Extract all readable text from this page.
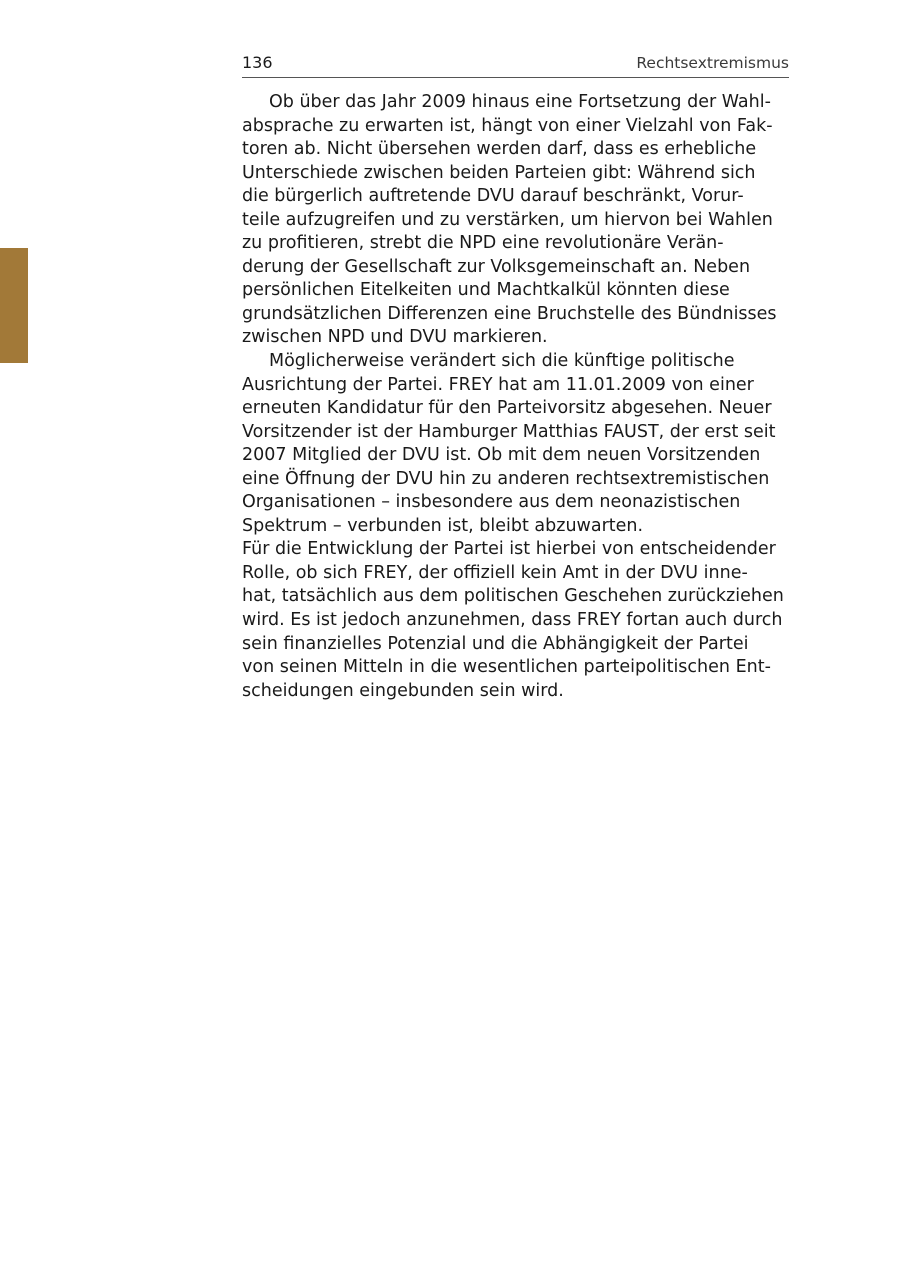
136	Rechtsextremismus
Ob über das Jahr 2009 hinaus eine Fortsetzung der Wahl-
absprache zu erwarten ist, hängt von einer Vielzahl von Fak-
toren ab. Nicht übersehen werden darf, dass es erhebliche
Unterschiede zwischen beiden Parteien gibt: Während sich
die bürgerlich auftretende DVU darauf beschränkt, Vorur-
teile aufzugreifen und zu verstärken, um hiervon bei Wahlen
zu profitieren, strebt die NPD eine revolutionäre Verän-
derung der Gesellschaft zur Volksgemeinschaft an. Neben
persönlichen Eitelkeiten und Machtkalkül könnten diese
grundsätzlichen Differenzen eine Bruchstelle des Bündnisses
zwischen NPD und DVU markieren.
Möglicherweise verändert sich die künftige politische
Ausrichtung der Partei. FREY hat am 11.01.2009 von einer
erneuten Kandidatur für den Parteivorsitz abgesehen. Neuer
Vorsitzender ist der Hamburger Matthias FAUST, der erst seit
2007 Mitglied der DVU ist. Ob mit dem neuen Vorsitzenden
eine Öffnung der DVU hin zu anderen rechtsextremistischen
Organisationen – insbesondere aus dem neonazistischen
Spektrum – verbunden ist, bleibt abzuwarten.
Für die Entwicklung der Partei ist hierbei von entscheidender
Rolle, ob sich FREY, der offiziell kein Amt in der DVU inne-
hat, tatsächlich aus dem politischen Geschehen zurückziehen
wird. Es ist jedoch anzunehmen, dass FREY fortan auch durch
sein finanzielles Potenzial und die Abhängigkeit der Partei
von seinen Mitteln in die wesentlichen parteipolitischen Ent-
scheidungen eingebunden sein wird.
